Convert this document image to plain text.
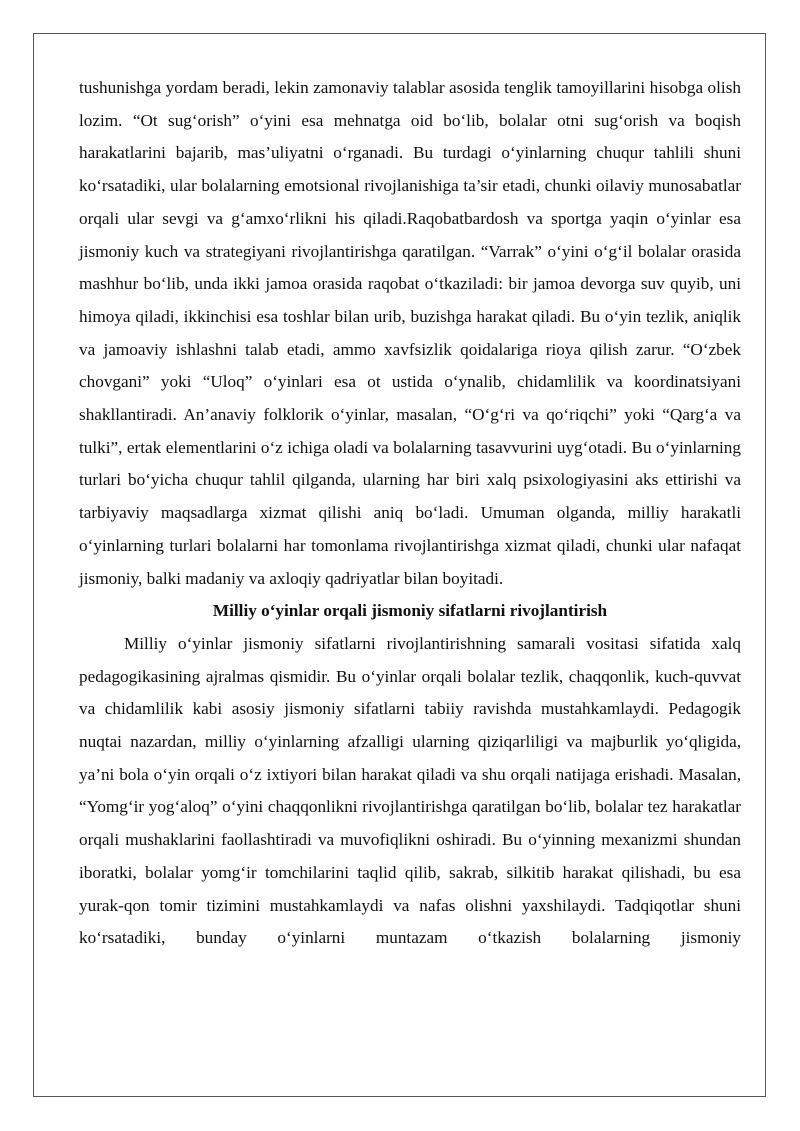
tushunishga yordam beradi, lekin zamonaviy talablar asosida tenglik tamoyillarini hisobga olish lozim. “Ot sug‘orish” o‘yini esa mehnatga oid bo‘lib, bolalar otni sug‘orish va boqish harakatlarini bajarib, mas’uliyatni o‘rganadi. Bu turdagi o‘yinlarning chuqur tahlili shuni ko‘rsatadiki, ular bolalarning emotsional rivojlanishiga ta’sir etadi, chunki oilaviy munosabatlar orqali ular sevgi va g‘amxo‘rlikni his qiladi.Raqobatbardosh va sportga yaqin o‘yinlar esa jismoniy kuch va strategiyani rivojlantirishga qaratilgan. “Varrak” o‘yini o‘g‘il bolalar orasida mashhur bo‘lib, unda ikki jamoa orasida raqobat o‘tkaziladi: bir jamoa devorga suv quyib, uni himoya qiladi, ikkinchisi esa toshlar bilan urib, buzishga harakat qiladi. Bu o‘yin tezlik, aniqlik va jamoaviy ishlashni talab etadi, ammo xavfsizlik qoidalariga rioya qilish zarur. “O‘zbek chovgani” yoki “Uloq” o‘yinlari esa ot ustida o‘ynalib, chidamlilik va koordinatsiyani shakllantiradi. An’anaviy folklorik o‘yinlar, masalan, “O‘g‘ri va qo‘riqchi” yoki “Qarg‘a va tulki”, ertak elementlarini o‘z ichiga oladi va bolalarning tasavvurini uyg‘otadi. Bu o‘yinlarning turlari bo‘yicha chuqur tahlil qilganda, ularning har biri xalq psixologiyasini aks ettirishi va tarbiyaviy maqsadlarga xizmat qilishi aniq bo‘ladi. Umuman olganda, milliy harakatli o‘yinlarning turlari bolalarni har tomonlama rivojlantirishga xizmat qiladi, chunki ular nafaqat jismoniy, balki madaniy va axloqiy qadriyatlar bilan boyitadi.

Milliy o‘yinlar orqali jismoniy sifatlarni rivojlantirish

Milliy o‘yinlar jismoniy sifatlarni rivojlantirishning samarali vositasi sifatida xalq pedagogikasining ajralmas qismidir. Bu o‘yinlar orqali bolalar tezlik, chaqqonlik, kuch-quvvat va chidamlilik kabi asosiy jismoniy sifatlarni tabiiy ravishda mustahkamlaydi. Pedagogik nuqtai nazardan, milliy o‘yinlarning afzalligi ularning qiziqarliligi va majburlik yo‘qligida, ya’ni bola o‘yin orqali o‘z ixtiyori bilan harakat qiladi va shu orqali natijaga erishadi. Masalan, “Yomg‘ir yog‘aloq” o‘yini chaqqonlikni rivojlantirishga qaratilgan bo‘lib, bolalar tez harakatlar orqali mushaklarini faollashtiradi va muvofiqlikni oshiradi. Bu o‘yinning mexanizmi shundan iboratki, bolalar yomg‘ir tomchilarini taqlid qilib, sakrab, silkitib harakat qilishadi, bu esa yurak-qon tomir tizimini mustahkamlaydi va nafas olishni yaxshilaydi. Tadqiqotlar shuni ko‘rsatadiki, bunday o‘yinlarni muntazam o‘tkazish bolalarning jismoniy
